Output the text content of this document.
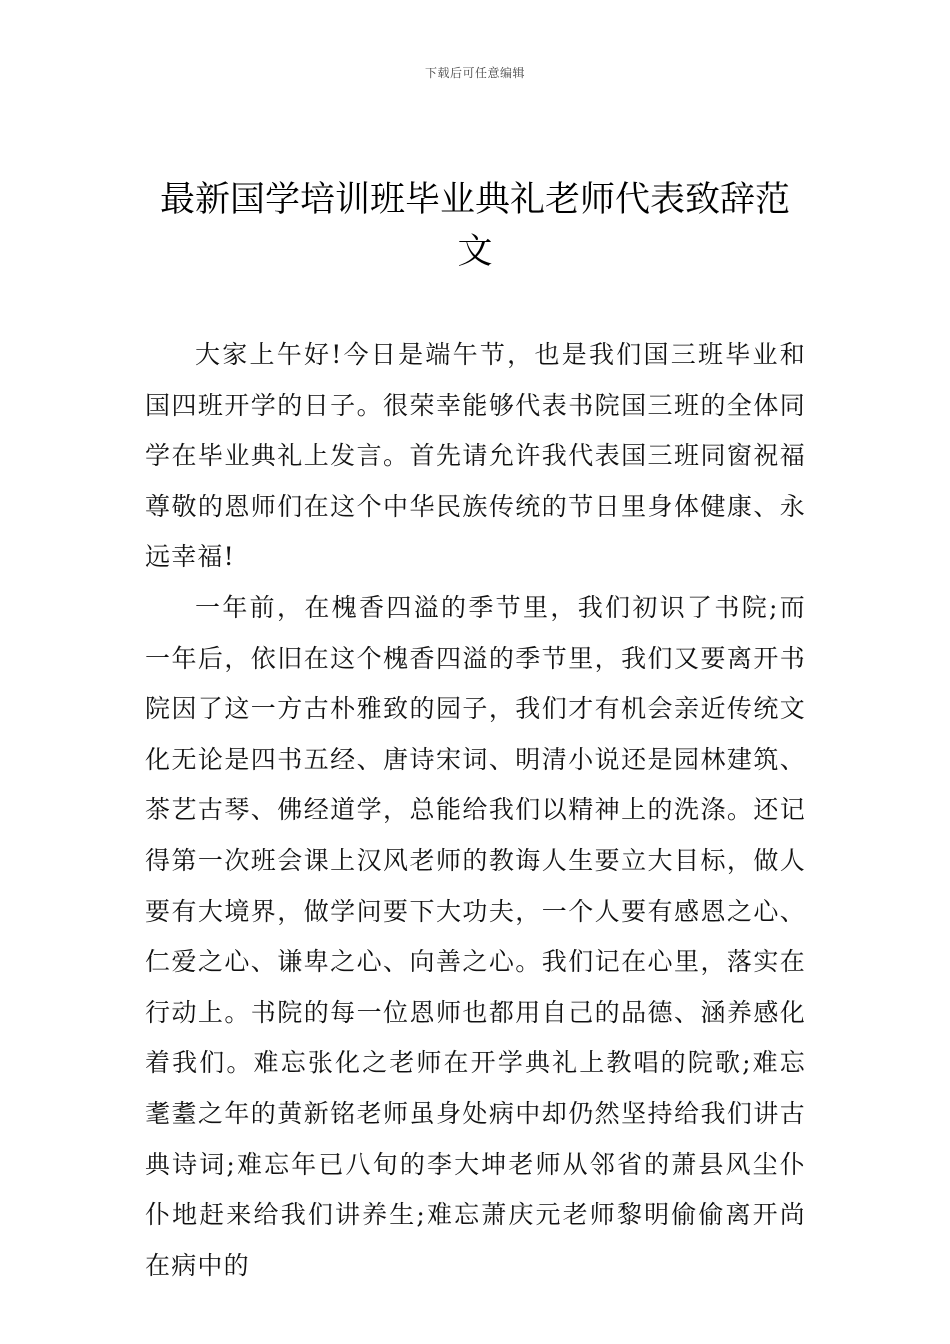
下载后可任意编辑
最新国学培训班毕业典礼老师代表致辞范文

大家上午好!今日是端午节，也是我们国三班毕业和国四班开学的日子。很荣幸能够代表书院国三班的全体同学在毕业典礼上发言。首先请允许我代表国三班同窗祝福尊敬的恩师们在这个中华民族传统的节日里身体健康、永远幸福!

一年前，在槐香四溢的季节里，我们初识了书院;而一年后，依旧在这个槐香四溢的季节里，我们又要离开书院因了这一方古朴雅致的园子，我们才有机会亲近传统文化无论是四书五经、唐诗宋词、明清小说还是园林建筑、茶艺古琴、佛经道学，总能给我们以精神上的洗涤。还记得第一次班会课上汉风老师的教诲人生要立大目标，做人要有大境界，做学问要下大功夫，一个人要有感恩之心、仁爱之心、谦卑之心、向善之心。我们记在心里，落实在行动上。书院的每一位恩师也都用自己的品德、涵养感化着我们。难忘张化之老师在开学典礼上教唱的院歌;难忘耄耋之年的黄新铭老师虽身处病中却仍然坚持给我们讲古典诗词;难忘年已八旬的李大坤老师从邻省的萧县风尘仆仆地赶来给我们讲养生;难忘萧庆元老师黎明偷偷离开尚在病中的
